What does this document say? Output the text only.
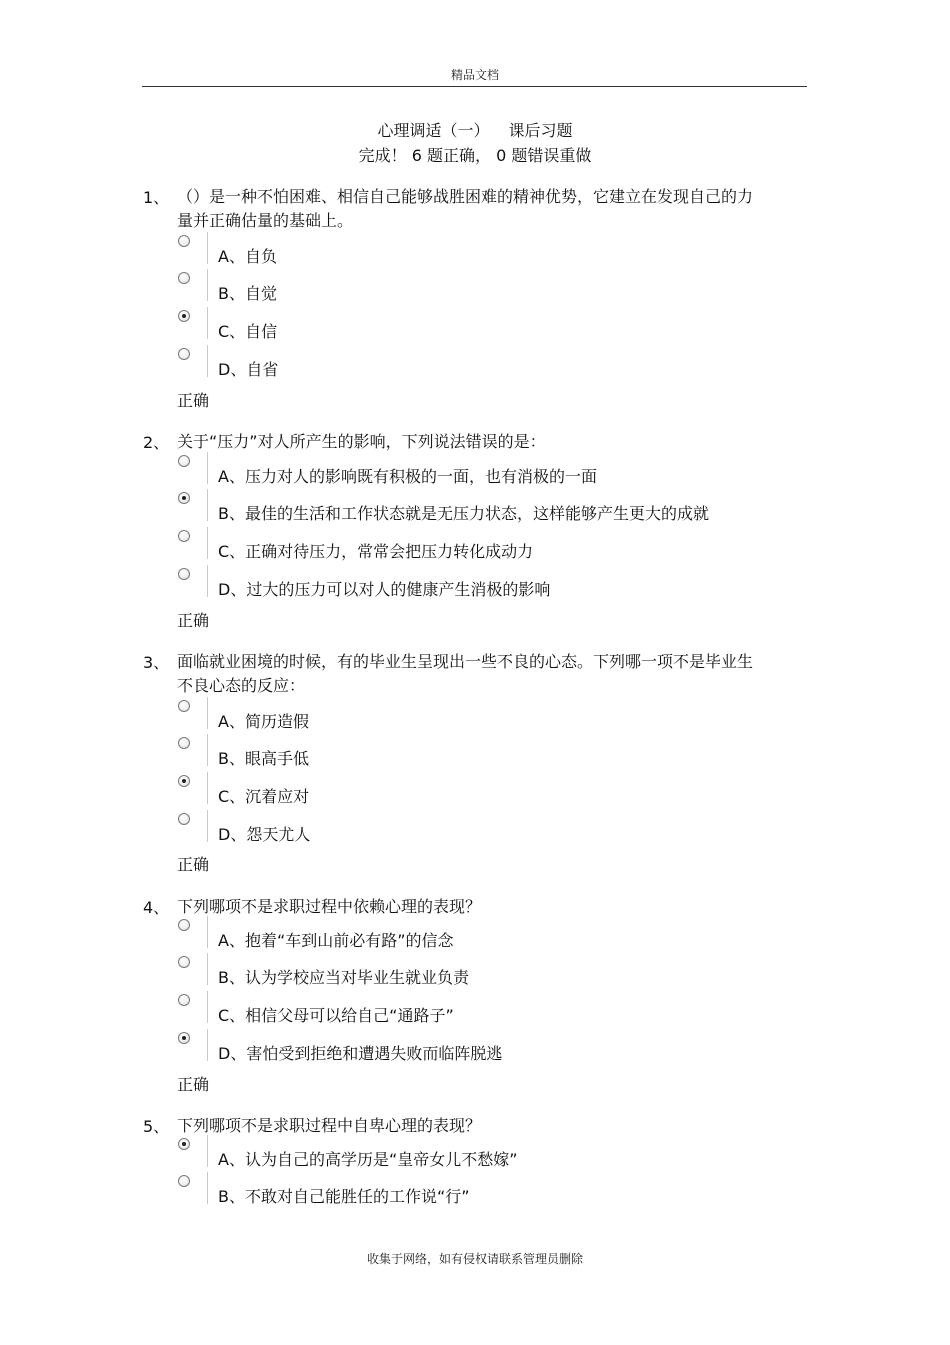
精品文档
心理调适（一） 课后习题
完成！ 6 题正确， 0 题错误重做
1、 （）是一种不怕困难、相信自己能够战胜困难的精神优势，它建立在发现自己的力量并正确估量的基础上。
A、自负
B、自觉
C、自信
D、自省
正确
2、 关于“压力”对人所产生的影响，下列说法错误的是：
A、压力对人的影响既有积极的一面，也有消极的一面
B、最佳的生活和工作状态就是无压力状态，这样能够产生更大的成就
C、正确对待压力，常常会把压力转化成动力
D、过大的压力可以对人的健康产生消极的影响
正确
3、 面临就业困境的时候，有的毕业生呈现出一些不良的心态。下列哪一项不是毕业生不良心态的反应：
A、简历造假
B、眼高手低
C、沉着应对
D、怨天尤人
正确
4、 下列哪项不是求职过程中依赖心理的表现？
A、抱着“车到山前必有路”的信念
B、认为学校应当对毕业生就业负责
C、相信父母可以给自己“通路子”
D、害怕受到拒绝和遭遇失败而临阵脱逃
正确
5、 下列哪项不是求职过程中自卑心理的表现？
A、认为自己的高学历是“皇帝女儿不愁嫁”
B、不敢对自己能胜任的工作说“行”
收集于网络，如有侵权请联系管理员删除
